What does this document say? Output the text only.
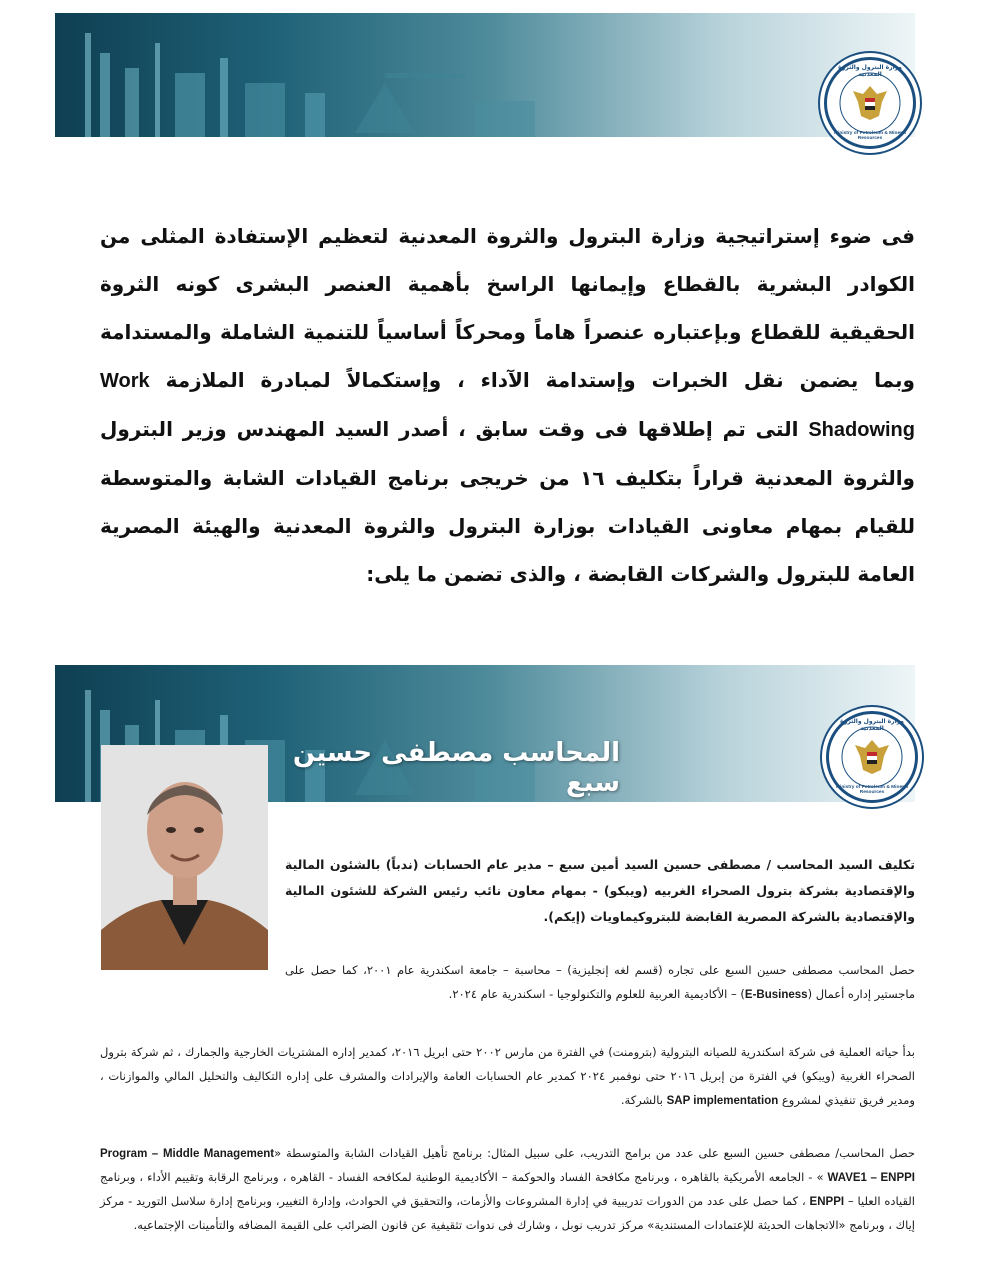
وزارة البترول والثروة المعدنية
Ministry of Petroleum & Mineral Resources

فى ضوء إستراتيجية وزارة البترول والثروة المعدنية لتعظيم الإستفادة المثلى من الكوادر البشرية بالقطاع وإيمانها الراسخ بأهمية العنصر البشرى كونه الثروة الحقيقية للقطاع وبإعتباره عنصراً هاماً ومحركاً أساسياً للتنمية الشاملة والمستدامة وبما يضمن نقل الخبرات وإستدامة الآداء ، وإستكمالاً لمبادرة الملازمة Work Shadowing التى تم إطلاقها فى وقت سابق ، أصدر السيد المهندس وزير البترول والثروة المعدنية قراراً بتكليف ١٦ من خريجى برنامج القيادات الشابة والمتوسطة للقيام بمهام معاونى القيادات بوزارة البترول والثروة المعدنية والهيئة المصرية العامة للبترول والشركات القابضة ، والذى تضمن ما يلى:

وزارة البترول والثروة المعدنية
Ministry of Petroleum & Mineral Resources
المحاسب مصطفى حسين سبع

تكليف السيد المحاسب / مصطفى حسين السيد أمين سبع – مدير عام الحسابات (ندباً) بالشئون المالية والإقتصادية بشركة بترول الصحراء الغربيه (ويبكو) - بمهام معاون نائب رئيس الشركة للشئون المالية والإقتصادية بالشركة المصرية القابضة للبتروكيماويات (إيكم).

حصل المحاسب مصطفى حسين السبع على تجاره (قسم لغه إنجليزية) – محاسبة – جامعة اسكندرية عام ٢٠٠١، كما حصل على ماجستير إداره أعمال (E-Business) – الأكاديمية العربية للعلوم والتكنولوجيا - اسكندرية عام ٢٠٢٤.

بدأ حياته العملية فى شركة اسكندرية للصيانه البترولية (بترومنت) في الفترة من مارس ٢٠٠٢ حتى ابريل ٢٠١٦، كمدير إداره المشتريات الخارجية والجمارك ، ثم شركة بترول الصحراء الغربية (ويبكو) في الفترة من إبريل ٢٠١٦ حتى نوفمبر ٢٠٢٤ كمدير عام الحسابات العامة والإيرادات والمشرف على إداره التكاليف والتحليل المالي والموازنات ، ومدير فريق تنفيذي لمشروع SAP implementation بالشركة.

حصل المحاسب/ مصطفى حسين السبع على عدد من برامج التدريب، على سبيل المثال: برنامج تأهيل القيادات الشابة والمتوسطة «Middle Management Program – WAVE1 – ENPPI » - الجامعه الأمريكية بالقاهره ، وبرنامج مكافحة الفساد والحوكمة – الأكاديمية الوطنية لمكافحه الفساد - القاهره ، وبرنامج الرقابة وتقييم الأداء ، وبرنامج القياده العليا – ENPPI ، كما حصل على عدد من الدورات تدريبية في إدارة المشروعات والأزمات، والتحقيق في الحوادث، وإدارة التغيير، وبرنامج إدارة سلاسل التوريد - مركز إياك ، وبرنامج «الاتجاهات الحديثة للإعتمادات المستندية» مركز تدريب نوبل ، وشارك فى ندوات تثقيفية عن قانون الضرائب على القيمة المضافه والتأمينات الإجتماعيه.
